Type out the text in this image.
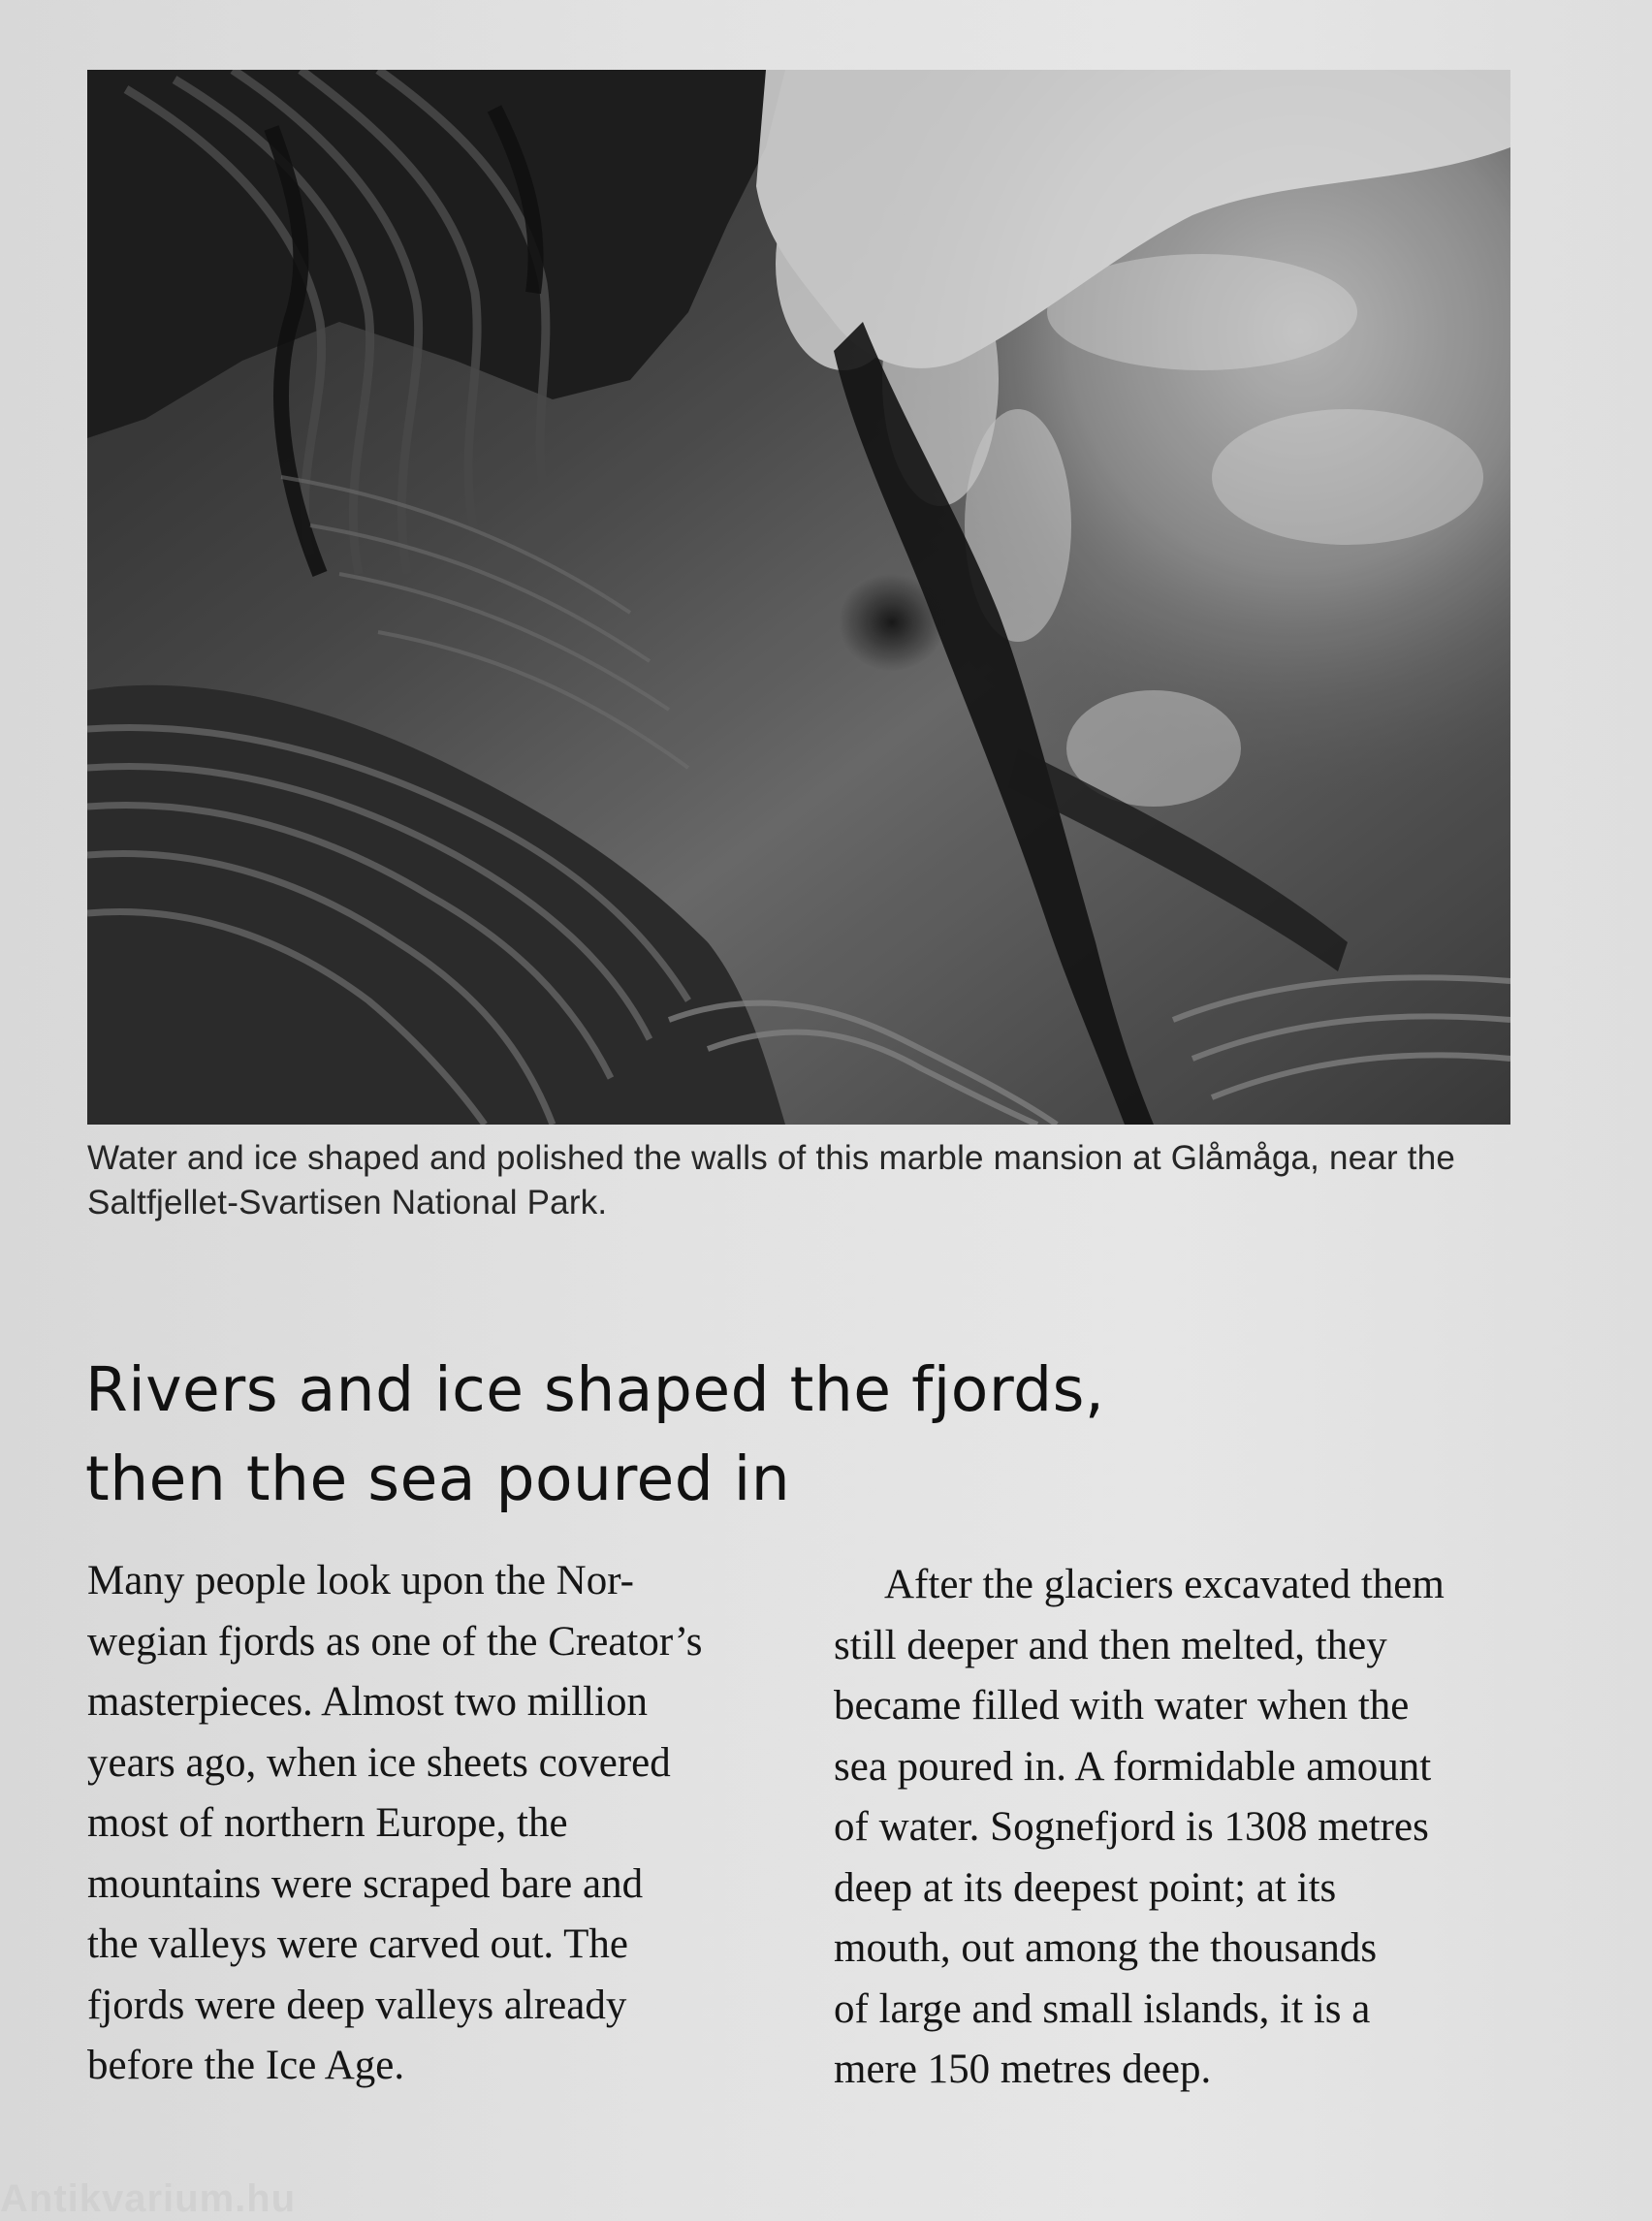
Water and ice shaped and polished the walls of this marble mansion at Glåmåga, near the
Saltfjellet-Svartisen National Park.
Rivers and ice shaped the fjords,
then the sea poured in
Many people look upon the Nor-
wegian fjords as one of the Creator’s
masterpieces. Almost two million
years ago, when ice sheets covered
most of northern Europe, the
mountains were scraped bare and
the valleys were carved out. The
fjords were deep valleys already
before the Ice Age.
After the glaciers excavated them
still deeper and then melted, they
became filled with water when the
sea poured in. A formidable amount
of water. Sognefjord is 1308 metres
deep at its deepest point; at its
mouth, out among the thousands
of large and small islands, it is a
mere 150 metres deep.
Antikvarium.hu
